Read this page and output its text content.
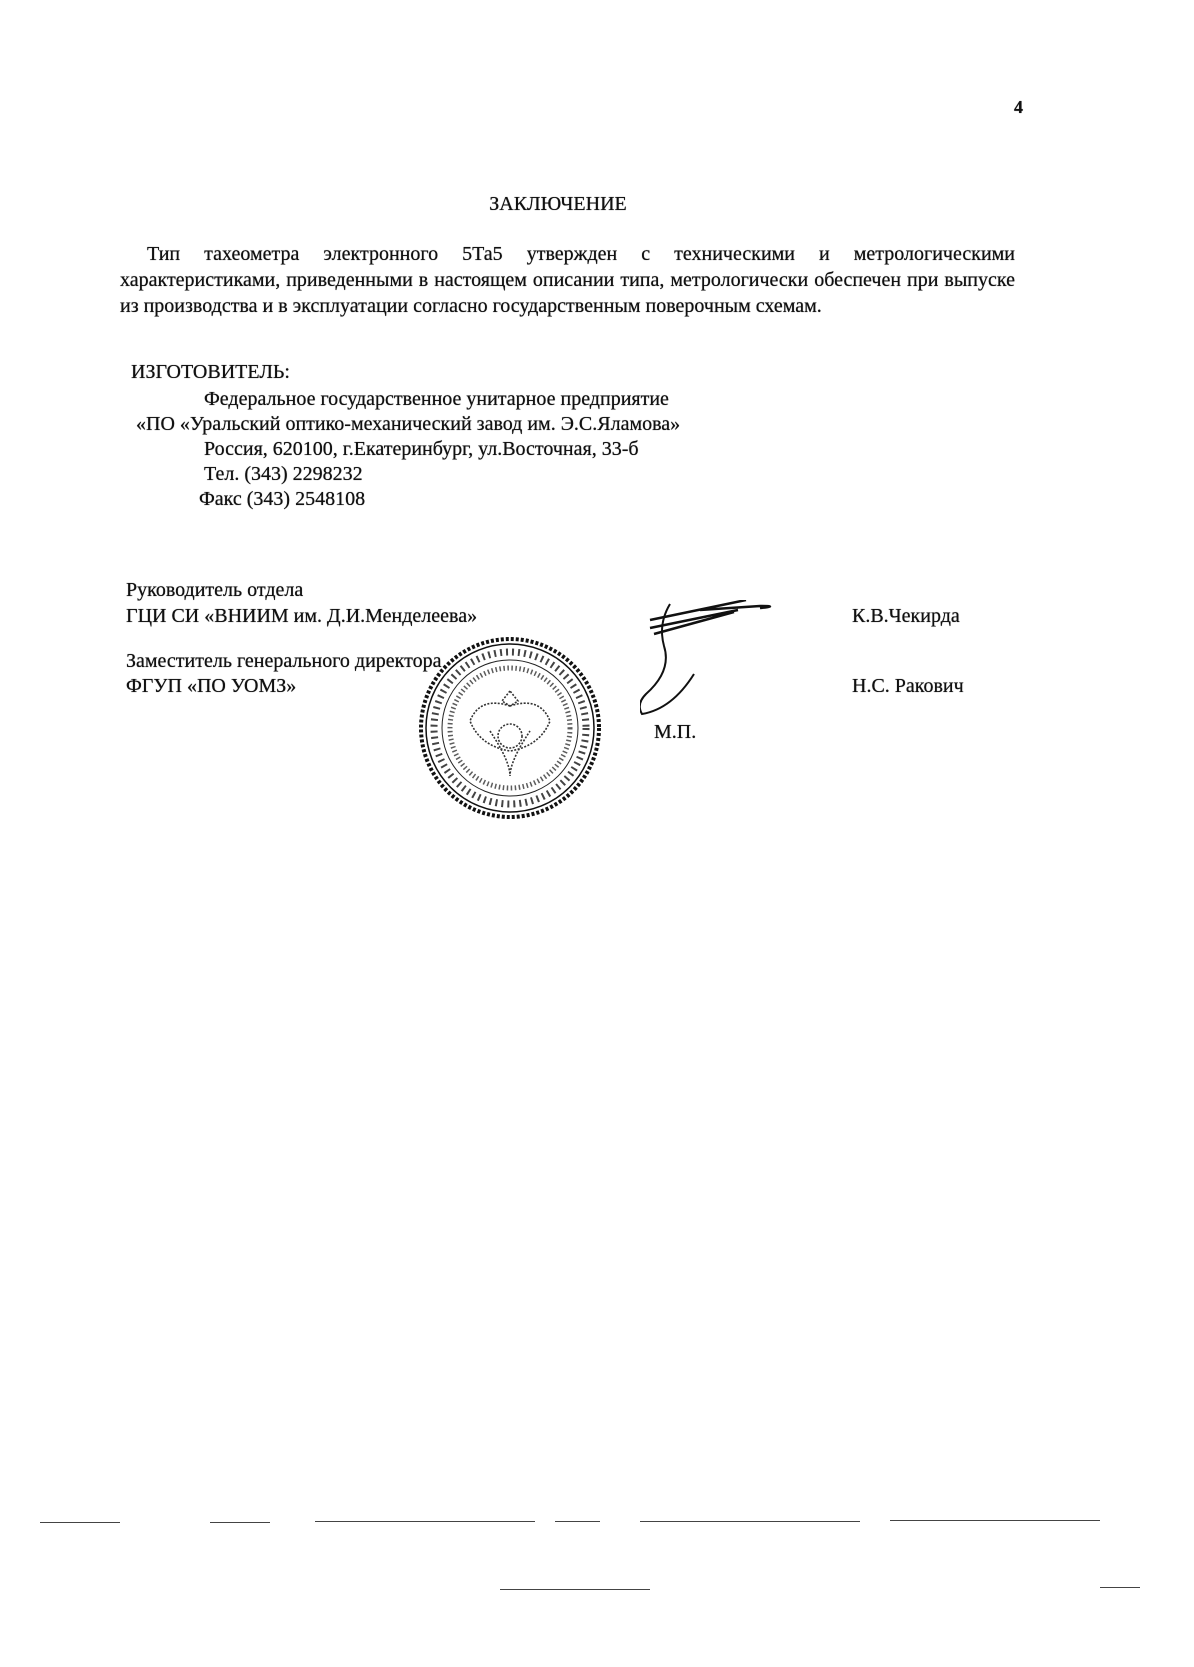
4
ЗАКЛЮЧЕНИЕ
Тип тахеометра электронного 5Та5 утвержден с техническими и метрологическими характеристиками, приведенными в настоящем описании типа, метрологически обеспечен при выпуске из производства и в эксплуатации согласно государственным поверочным схемам.
ИЗГОТОВИТЕЛЬ:
Федеральное государственное унитарное предприятие
«ПО «Уральский оптико-механический завод им. Э.С.Яламова»
Россия, 620100, г.Екатеринбург, ул.Восточная, 33-б
Тел. (343) 2298232
Факс (343) 2548108
Руководитель отдела
ГЦИ СИ «ВНИИМ им. Д.И.Менделеева»	К.В.Чекирда
Заместитель генерального директора
ФГУП «ПО УОМЗ»	Н.С. Ракович
М.П.
